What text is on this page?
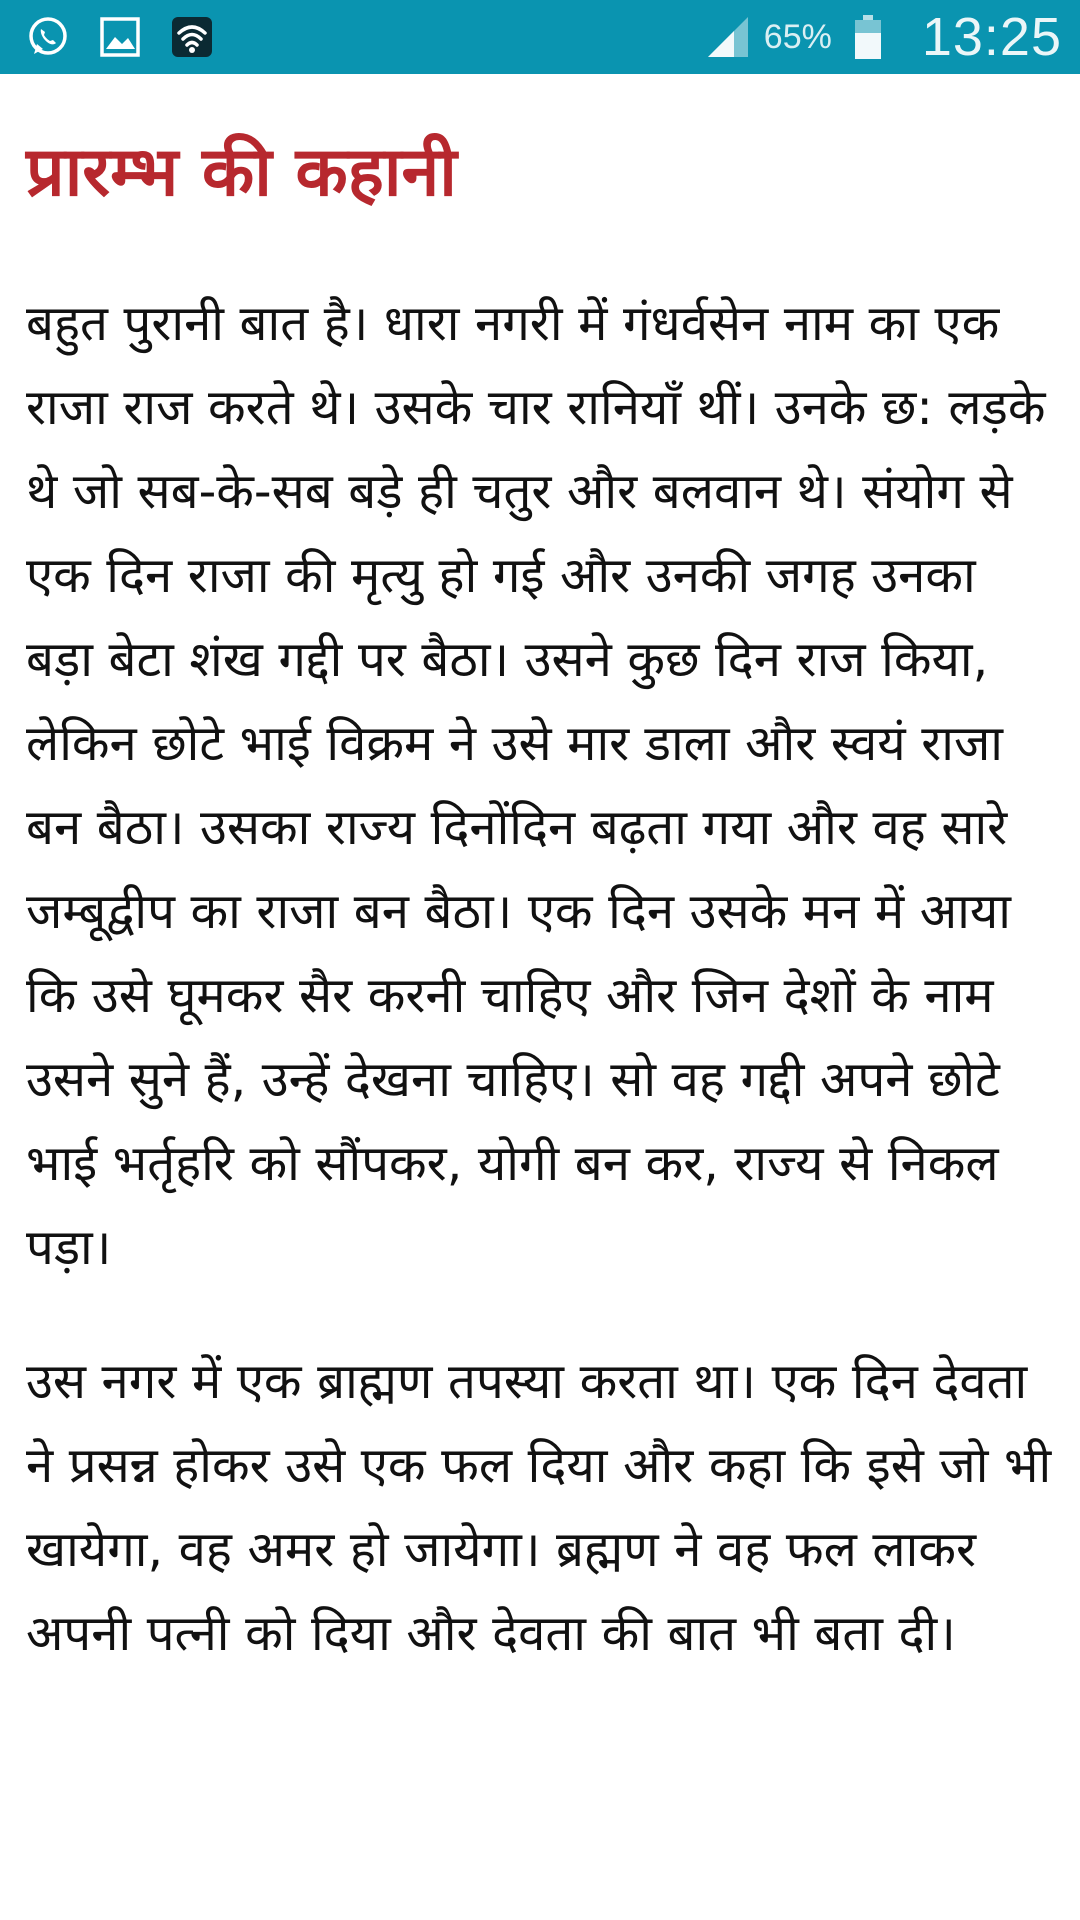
65% 13:25
प्रारम्भ की कहानी

बहुत पुरानी बात है। धारा नगरी में गंधर्वसेन नाम का एक राजा राज करते थे। उसके चार रानियाँ थीं। उनके छ: लड़के थे जो सब-के-सब बड़े ही चतुर और बलवान थे। संयोग से एक दिन राजा की मृत्यु हो गई और उनकी जगह उनका बड़ा बेटा शंख गद्दी पर बैठा। उसने कुछ दिन राज किया, लेकिन छोटे भाई विक्रम ने उसे मार डाला और स्वयं राजा बन बैठा। उसका राज्य दिनोंदिन बढ़ता गया और वह सारे जम्बूद्वीप का राजा बन बैठा। एक दिन उसके मन में आया कि उसे घूमकर सैर करनी चाहिए और जिन देशों के नाम उसने सुने हैं, उन्हें देखना चाहिए। सो वह गद्दी अपने छोटे भाई भर्तृहरि को सौंपकर, योगी बन कर, राज्य से निकल पड़ा।

उस नगर में एक ब्राह्मण तपस्या करता था। एक दिन देवता ने प्रसन्न होकर उसे एक फल दिया और कहा कि इसे जो भी खायेगा, वह अमर हो जायेगा। ब्रह्मण ने वह फल लाकर अपनी पत्नी को दिया और देवता की बात भी बता दी।
